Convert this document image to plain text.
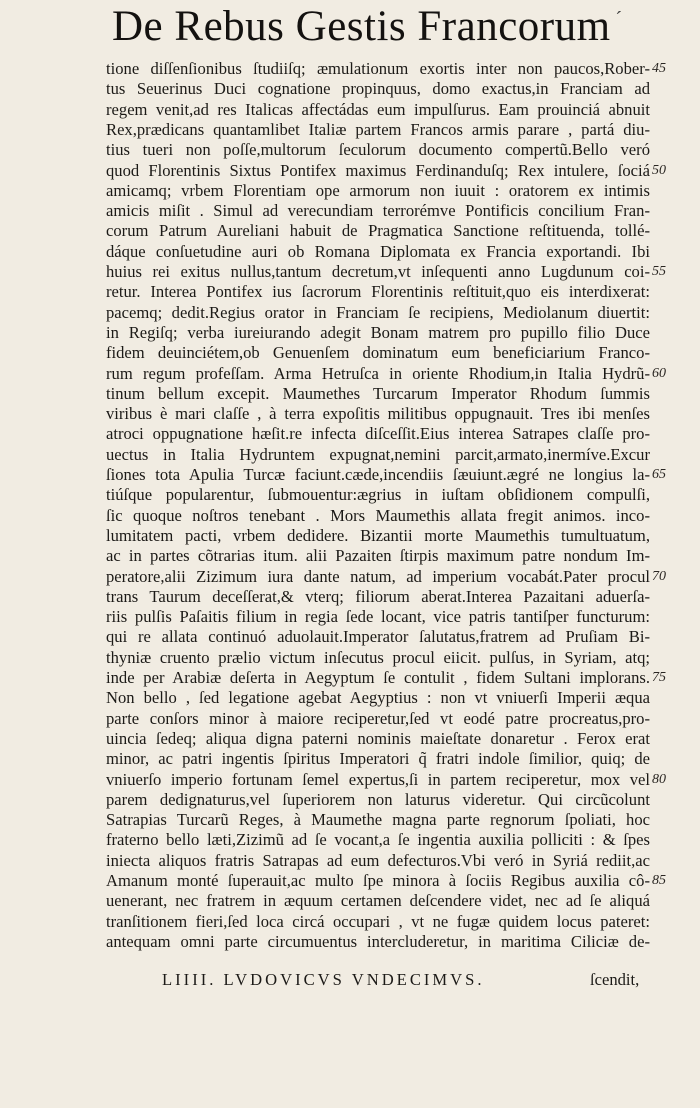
De Rebus Gestis Francorum ´
tione diſſenſionibus ſtudiiſq; æmulationum exortis inter non paucos,Rober-
tus Seuerinus Duci cognatione propinquus, domo exactus,in Franciam ad
regem venit,ad res Italicas affectádas eum impulſurus. Eam prouinciá abnuit
Rex,prædicans quantamlibet Italiæ partem Francos armis parare , partá diu-
tius tueri non poſſe,multorum ſeculorum documento compertũ.Bello veró
quod Florentinis Sixtus Pontifex maximus Ferdinanduſq; Rex intulere, ſociá
amicamq; vrbem Florentiam ope armorum non iuuit : oratorem ex intimis
amicis miſit . Simul ad verecundiam terrorémve Pontificis concilium Fran-
corum Patrum Aureliani habuit de Pragmatica Sanctione reſtituenda, tollé-
dáque conſuetudine auri ob Romana Diplomata ex Francia exportandi. Ibi
huius rei exitus nullus,tantum decretum,vt inſequenti anno Lugdunum coi-
retur. Interea Pontifex ius ſacrorum Florentinis reſtituit,quo eis interdixerat:
pacemq; dedit.Regius orator in Franciam ſe recipiens, Mediolanum diuertit:
in Regiſq; verba iureiurando adegit Bonam matrem pro pupillo filio Duce
fidem deuinciétem,ob Genuenſem dominatum eum beneficiarium Franco-
rum regum profeſſam. Arma Hetruſca in oriente Rhodium,in Italia Hydrũ-
tinum bellum excepit. Maumethes Turcarum Imperator Rhodum ſummis
viribus è mari claſſe , à terra expoſitis militibus oppugnauit. Tres ibi menſes
atroci oppugnatione hæſit.re infecta diſceſſit.Eius interea Satrapes claſſe pro-
uectus in Italia Hydruntem expugnat,nemini parcit,armato,inermíve.Excur
ſiones tota Apulia Turcæ faciunt.cæde,incendiis ſæuiunt.ægré ne longius la-
tiúſque popularentur, ſubmouentur:ægrius in iuſtam obſidionem compulſi,
ſic quoque noſtros tenebant . Mors Maumethis allata fregit animos. inco-
lumitatem pacti, vrbem dedidere. Bizantii morte Maumethis tumultuatum,
ac in partes cõtrarias itum. alii Pazaiten ſtirpis maximum patre nondum Im-
peratore,alii Zizimum iura dante natum, ad imperium vocabát.Pater procul
trans Taurum deceſſerat,& vterq; filiorum aberat.Interea Pazaitani aduerſa-
riis pulſis Paſaitis filium in regia ſede locant, vice patris tantiſper functurum:
qui re allata continuó aduolauit.Imperator ſalutatus,fratrem ad Pruſiam Bi-
thyniæ cruento prælio victum inſecutus procul eiicit. pulſus, in Syriam, atq;
inde per Arabiæ deſerta in Aegyptum ſe contulit , fidem Sultani implorans.
Non bello , ſed legatione agebat Aegyptius : non vt vniuerſi Imperii æqua
parte conſors minor à maiore reciperetur,ſed vt eodé patre procreatus,pro-
uincia ſedeq; aliqua digna paterni nominis maieſtate donaretur . Ferox erat
minor, ac patri ingentis ſpiritus Imperatori q̃ fratri indole ſimilior, quiq; de
vniuerſo imperio fortunam ſemel expertus,ſi in partem reciperetur, mox vel
parem dedignaturus,vel ſuperiorem non laturus videretur. Qui circũcolunt
Satrapias Turcarũ Reges, à Maumethe magna parte regnorum ſpoliati, hoc
fraterno bello læti,Zizimũ ad ſe vocant,a ſe ingentia auxilia polliciti : & ſpes
iniecta aliquos fratris Satrapas ad eum defecturos.Vbi veró in Syriá rediit,ac
Amanum monté ſuperauit,ac multo ſpe minora à ſociis Regibus auxilia cô-
uenerant, nec fratrem in æquum certamen deſcendere videt, nec ad ſe aliquá
tranſitionem fieri,ſed loca circá occupari , vt ne fugæ quidem locus pateret:
antequam omni parte circumuentus intercluderetur, in maritima Ciliciæ de-
45
50
55
60
65
70
75
80
85
LIIII. LVDOVICVS VNDECIMVS.	ſcendit,
